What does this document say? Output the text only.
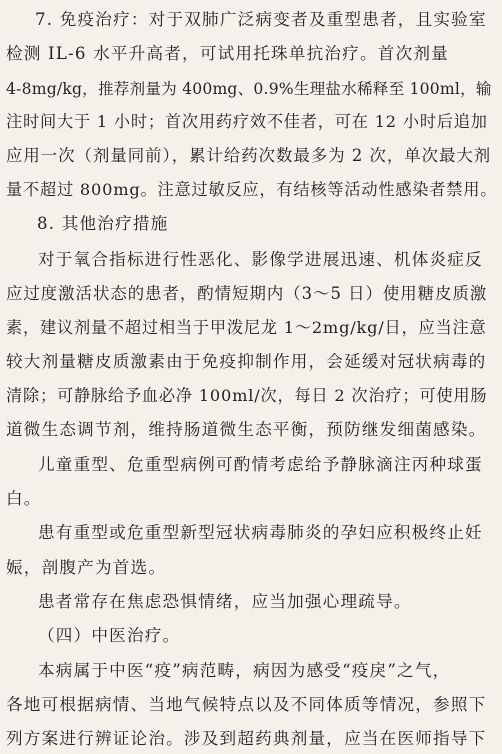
7. 免疫治疗：对于双肺广泛病变者及重型患者，且实验室
检测 IL-6 水平升高者，可试用托珠单抗治疗。首次剂量
4-8mg/kg，推荐剂量为 400mg、0.9%生理盐水稀释至 100ml，输
注时间大于 1 小时；首次用药疗效不佳者，可在 12 小时后追加
应用一次（剂量同前），累计给药次数最多为 2 次，单次最大剂
量不超过 800mg。注意过敏反应，有结核等活动性感染者禁用。
8. 其他治疗措施
对于氧合指标进行性恶化、影像学进展迅速、机体炎症反
应过度激活状态的患者，酌情短期内（3～5 日）使用糖皮质激
素，建议剂量不超过相当于甲泼尼龙 1～2mg/kg/日，应当注意
较大剂量糖皮质激素由于免疫抑制作用，会延缓对冠状病毒的
清除；可静脉给予血必净 100ml/次，每日 2 次治疗；可使用肠
道微生态调节剂，维持肠道微生态平衡，预防继发细菌感染。
儿童重型、危重型病例可酌情考虑给予静脉滴注丙种球蛋
白。
患有重型或危重型新型冠状病毒肺炎的孕妇应积极终止妊
娠，剖腹产为首选。
患者常存在焦虑恐惧情绪，应当加强心理疏导。
（四）中医治疗。
本病属于中医“疫”病范畴，病因为感受“疫戾”之气，
各地可根据病情、当地气候特点以及不同体质等情况，参照下
列方案进行辨证论治。涉及到超药典剂量，应当在医师指导下
